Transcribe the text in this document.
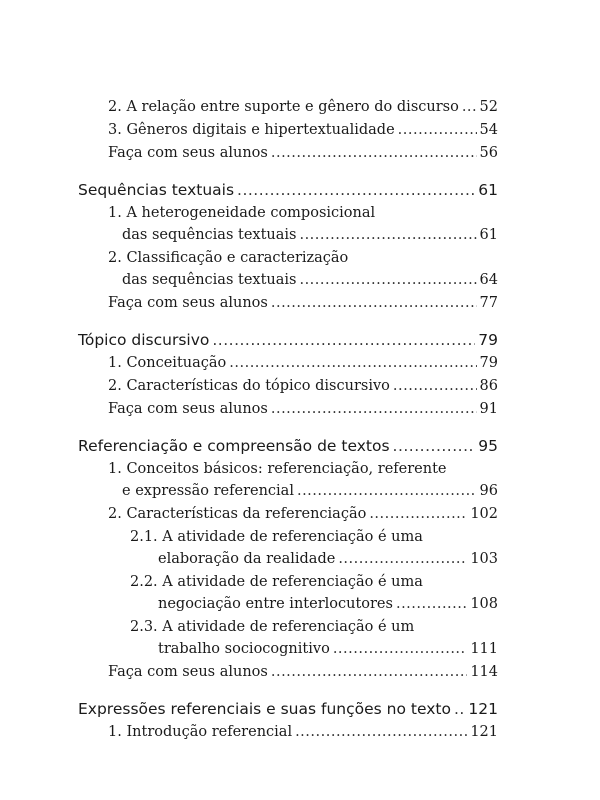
2. A relação entre suporte e gênero do discurso ..... 52
3. Gêneros digitais e hipertextualidade .....	54
Faça com seus alunos .....	56
Sequências textuais .....	61
1. A heterogeneidade composicional
das sequências textuais .....	61
2. Classificação e caracterização
das sequências textuais .....	64
Faça com seus alunos .....	77
Tópico discursivo .....	79
1. Conceituação .....	79
2. Características do tópico discursivo .....	86
Faça com seus alunos .....	91
Referenciação e compreensão de textos .....	95
1. Conceitos básicos: referenciação, referente
e expressão referencial .....	96
2. Características da referenciação .....	102
2.1. A atividade de referenciação é uma
elaboração da realidade .....	103
2.2. A atividade de referenciação é uma
negociação entre interlocutores .....	108
2.3. A atividade de referenciação é um
trabalho sociocognitivo .....	111
Faça com seus alunos .....	114
Expressões referenciais e suas funções no texto ..... 121
1. Introdução referencial .....	121
